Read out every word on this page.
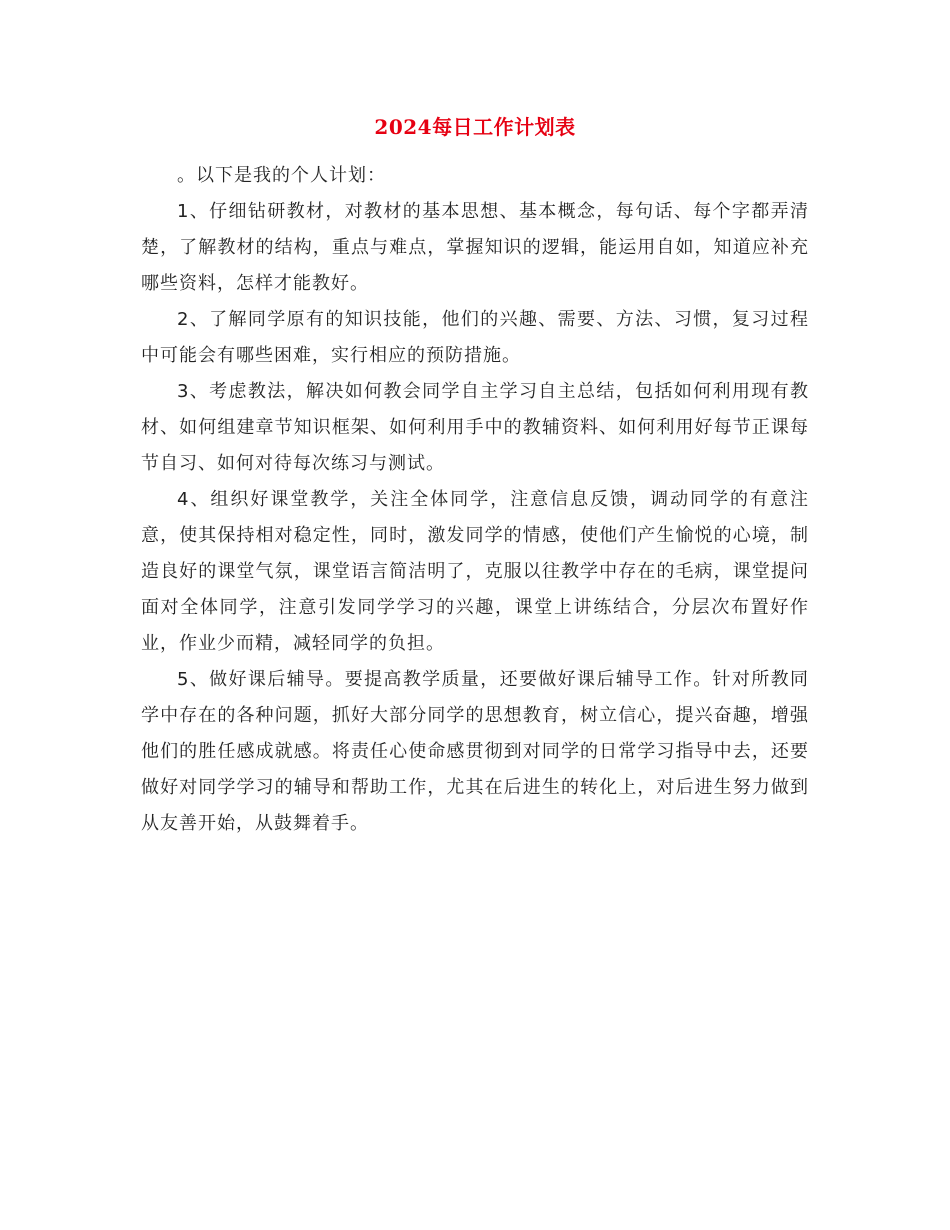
2024每日工作计划表

。以下是我的个人计划：

1、仔细钻研教材，对教材的基本思想、基本概念，每句话、每个字都弄清楚，了解教材的结构，重点与难点，掌握知识的逻辑，能运用自如，知道应补充哪些资料，怎样才能教好。

2、了解同学原有的知识技能，他们的兴趣、需要、方法、习惯，复习过程中可能会有哪些困难，实行相应的预防措施。

3、考虑教法，解决如何教会同学自主学习自主总结，包括如何利用现有教材、如何组建章节知识框架、如何利用手中的教辅资料、如何利用好每节正课每节自习、如何对待每次练习与测试。

4、组织好课堂教学，关注全体同学，注意信息反馈，调动同学的有意注意，使其保持相对稳定性，同时，激发同学的情感，使他们产生愉悦的心境，制造良好的课堂气氛，课堂语言简洁明了，克服以往教学中存在的毛病，课堂提问面对全体同学，注意引发同学学习的兴趣，课堂上讲练结合，分层次布置好作业，作业少而精，减轻同学的负担。

5、做好课后辅导。要提高教学质量，还要做好课后辅导工作。针对所教同学中存在的各种问题，抓好大部分同学的思想教育，树立信心，提兴奋趣，增强他们的胜任感成就感。将责任心使命感贯彻到对同学的日常学习指导中去，还要做好对同学学习的辅导和帮助工作，尤其在后进生的转化上，对后进生努力做到从友善开始，从鼓舞着手。
